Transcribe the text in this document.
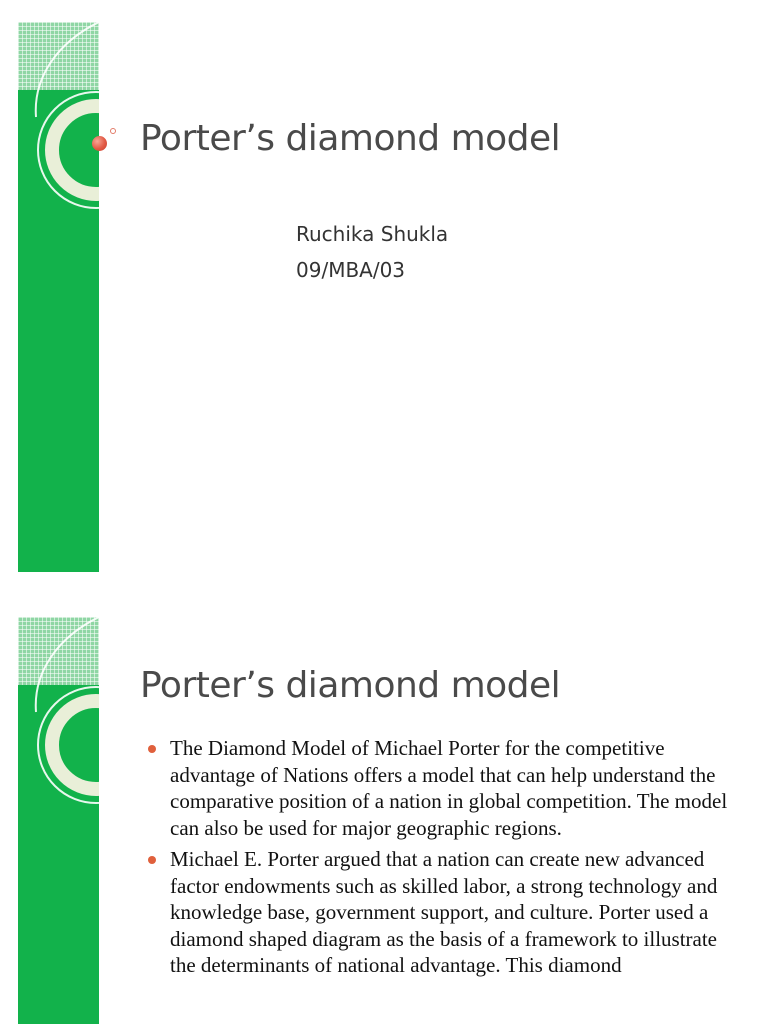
Porter’s diamond model
Ruchika Shukla
09/MBA/03
Porter’s diamond model
The Diamond Model of Michael Porter for the competitive advantage of Nations offers a model that can help understand the comparative position of a nation in global competition. The model can also be used for major geographic regions.
Michael E. Porter argued that a nation can create new advanced factor endowments such as skilled labor, a strong technology and knowledge base, government support, and culture. Porter used a diamond shaped diagram as the basis of a framework to illustrate the determinants of national advantage. This diamond
